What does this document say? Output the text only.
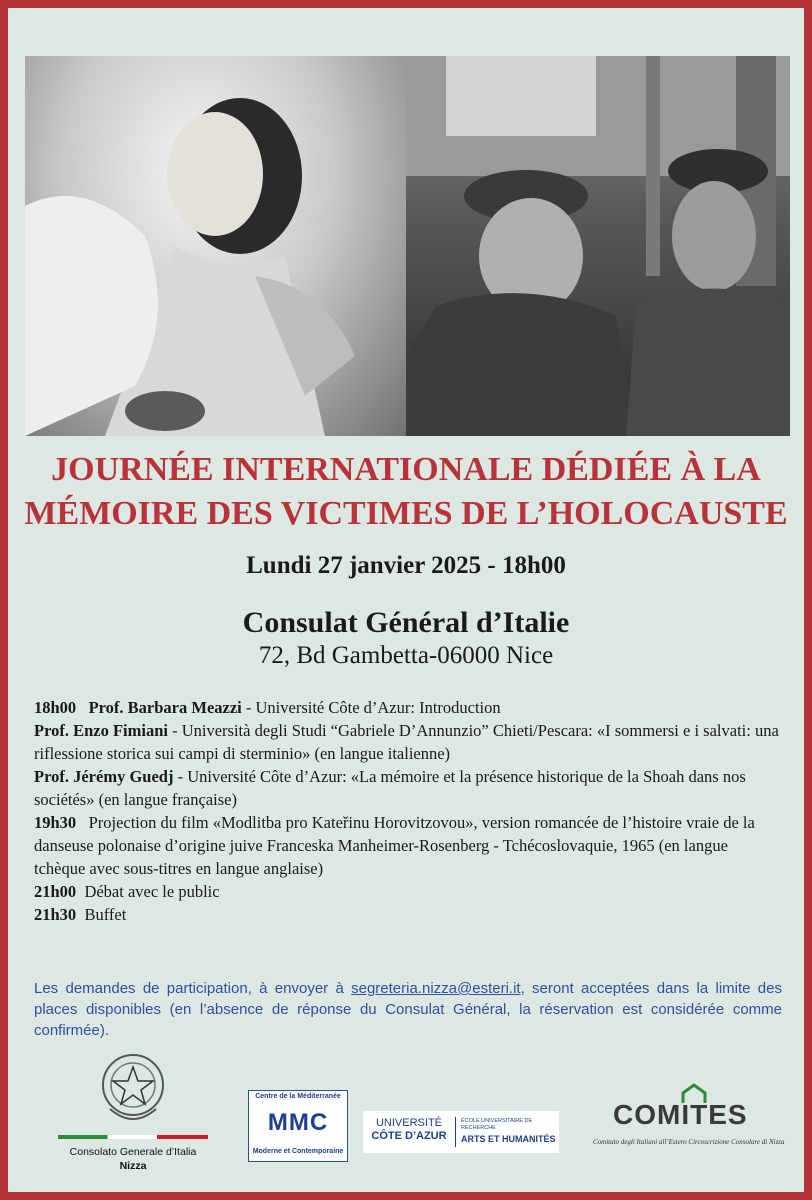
JOURNÉE INTERNATIONALE DÉDIÉE À LA
MÉMOIRE DES VICTIMES DE L’HOLOCAUSTE
Lundi 27 janvier 2025 - 18h00
Consulat Général d’Italie
72, Bd Gambetta-06000 Nice

18h00 Prof. Barbara Meazzi - Université Côte d’Azur: Introduction

Prof. Enzo Fimiani - Università degli Studi “Gabriele D’Annunzio” Chieti/Pescara: «I sommersi e i salvati: una riflessione storica sui campi di sterminio» (en langue italienne)

Prof. Jérémy Guedj - Université Côte d’Azur: «La mémoire et la présence historique de la Shoah dans nos sociétés» (en langue française)

19h30 Projection du film «Modlitba pro Kateřinu Horovitzovou», version romancée de l’histoire vraie de la danseuse polonaise d’origine juive Franceska Manheimer-Rosenberg - Tchécoslovaquie, 1965 (en langue tchèque avec sous-titres en langue anglaise)

21h00 Débat avec le public

21h30 Buffet

Les demandes de participation, à envoyer à segreteria.nizza@esteri.it, seront acceptées dans la limite des places disponibles (en l’absence de réponse du Consulat Général, la réservation est considérée comme confirmée).
Consolato Generale d’Italia
Nizza
Centre de la Méditerranée
MMC
Moderne et Contemporaine
UNIVERSITÉ
CÔTE D’AZUR
ÉCOLE UNIVERSITAIRE DE RECHERCHE
ARTS ET HUMANITÉS
COMITES
Comitato degli Italiani all’Estero Circoscrizione Consolare di Nizza
